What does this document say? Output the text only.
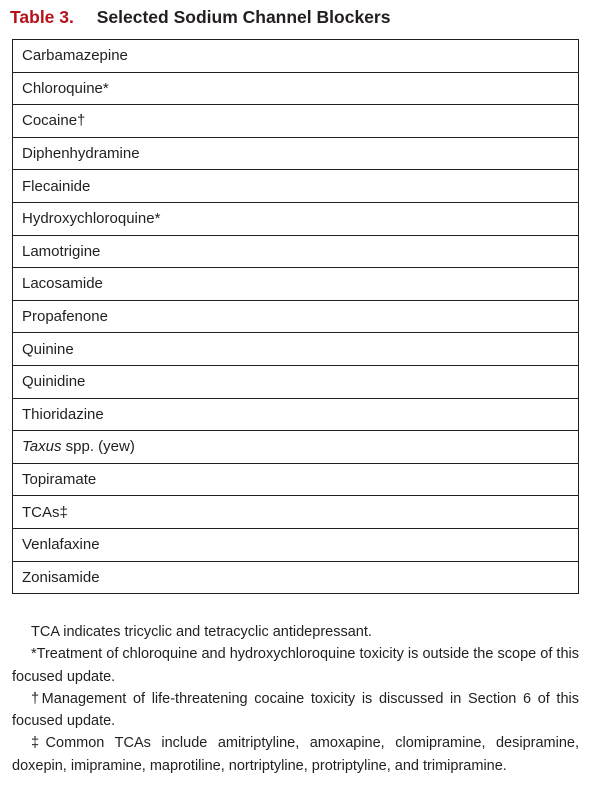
Table 3. Selected Sodium Channel Blockers
Carbamazepine
Chloroquine*
Cocaine†
Diphenhydramine
Flecainide
Hydroxychloroquine*
Lamotrigine
Lacosamide
Propafenone
Quinine
Quinidine
Thioridazine
Taxus spp. (yew)
Topiramate
TCAs‡
Venlafaxine
Zonisamide

TCA indicates tricyclic and tetracyclic antidepressant.

*Treatment of chloroquine and hydroxychloroquine toxicity is outside the scope of this focused update.

†Management of life-threatening cocaine toxicity is discussed in Section 6 of this focused update.

‡Common TCAs include amitriptyline, amoxapine, clomipramine, desipramine, doxepin, imipramine, maprotiline, nortriptyline, protriptyline, and trimipramine.
